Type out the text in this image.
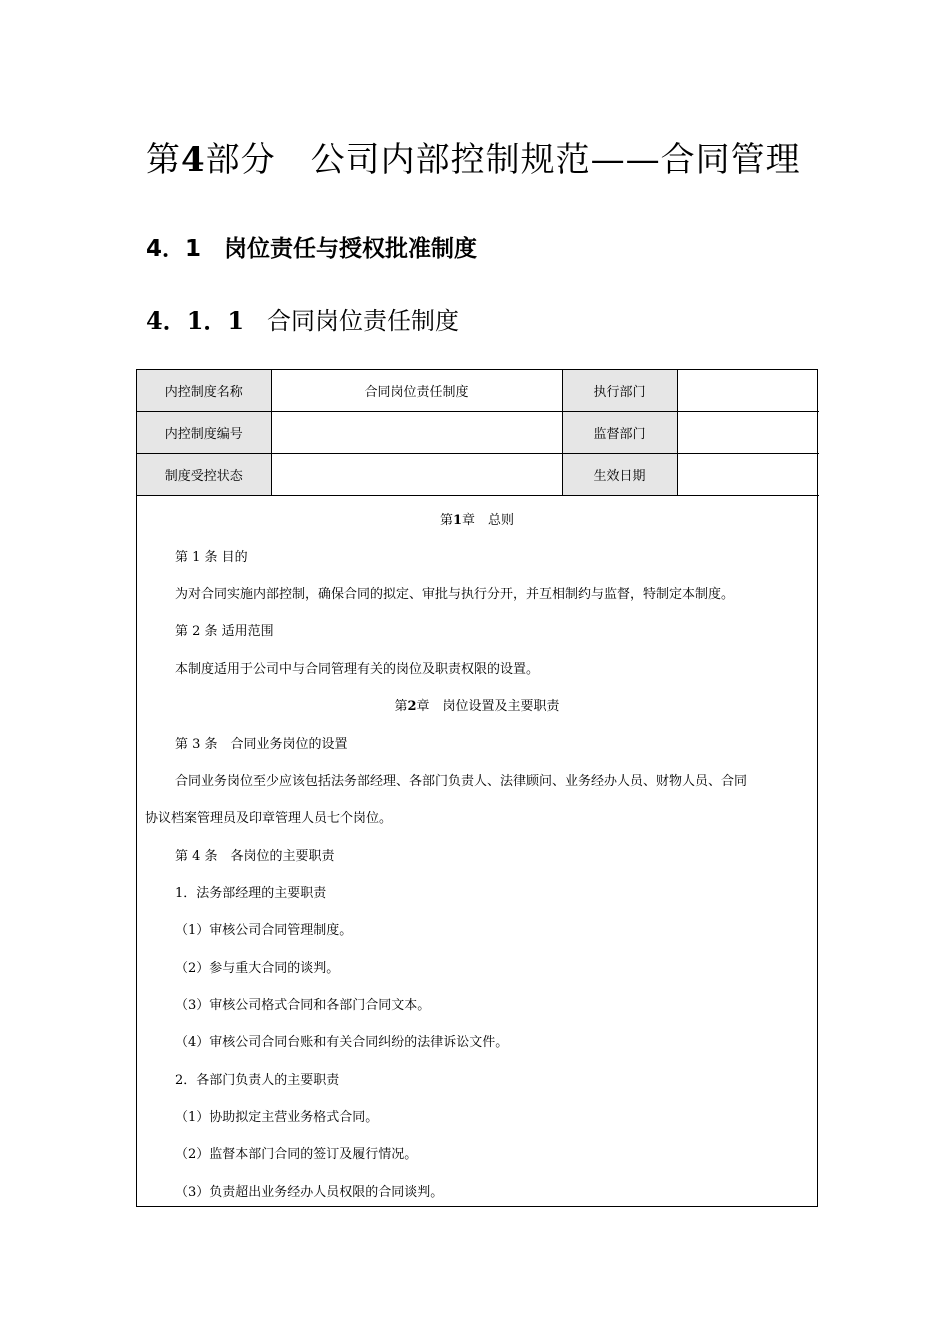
第4部分　公司内部控制规范——合同管理
4．1　岗位责任与授权批准制度
4．1．1 合同岗位责任制度
内控制度名称	合同岗位责任制度	执行部门	
内控制度编号		监督部门	
制度受控状态		生效日期	
第1章　总则
第 1 条 目的
为对合同实施内部控制，确保合同的拟定、审批与执行分开，并互相制约与监督，特制定本制度。
第 2 条 适用范围
本制度适用于公司中与合同管理有关的岗位及职责权限的设置。
第2章　岗位设置及主要职责
第 3 条　合同业务岗位的设置
合同业务岗位至少应该包括法务部经理、各部门负责人、法律顾问、业务经办人员、财物人员、合同
协议档案管理员及印章管理人员七个岗位。
第 4 条　各岗位的主要职责
1．法务部经理的主要职责
（1）审核公司合同管理制度。
（2）参与重大合同的谈判。
（3）审核公司格式合同和各部门合同文本。
（4）审核公司合同台账和有关合同纠纷的法律诉讼文件。
2．各部门负责人的主要职责
（1）协助拟定主营业务格式合同。
（2）监督本部门合同的签订及履行情况。
（3）负责超出业务经办人员权限的合同谈判。
